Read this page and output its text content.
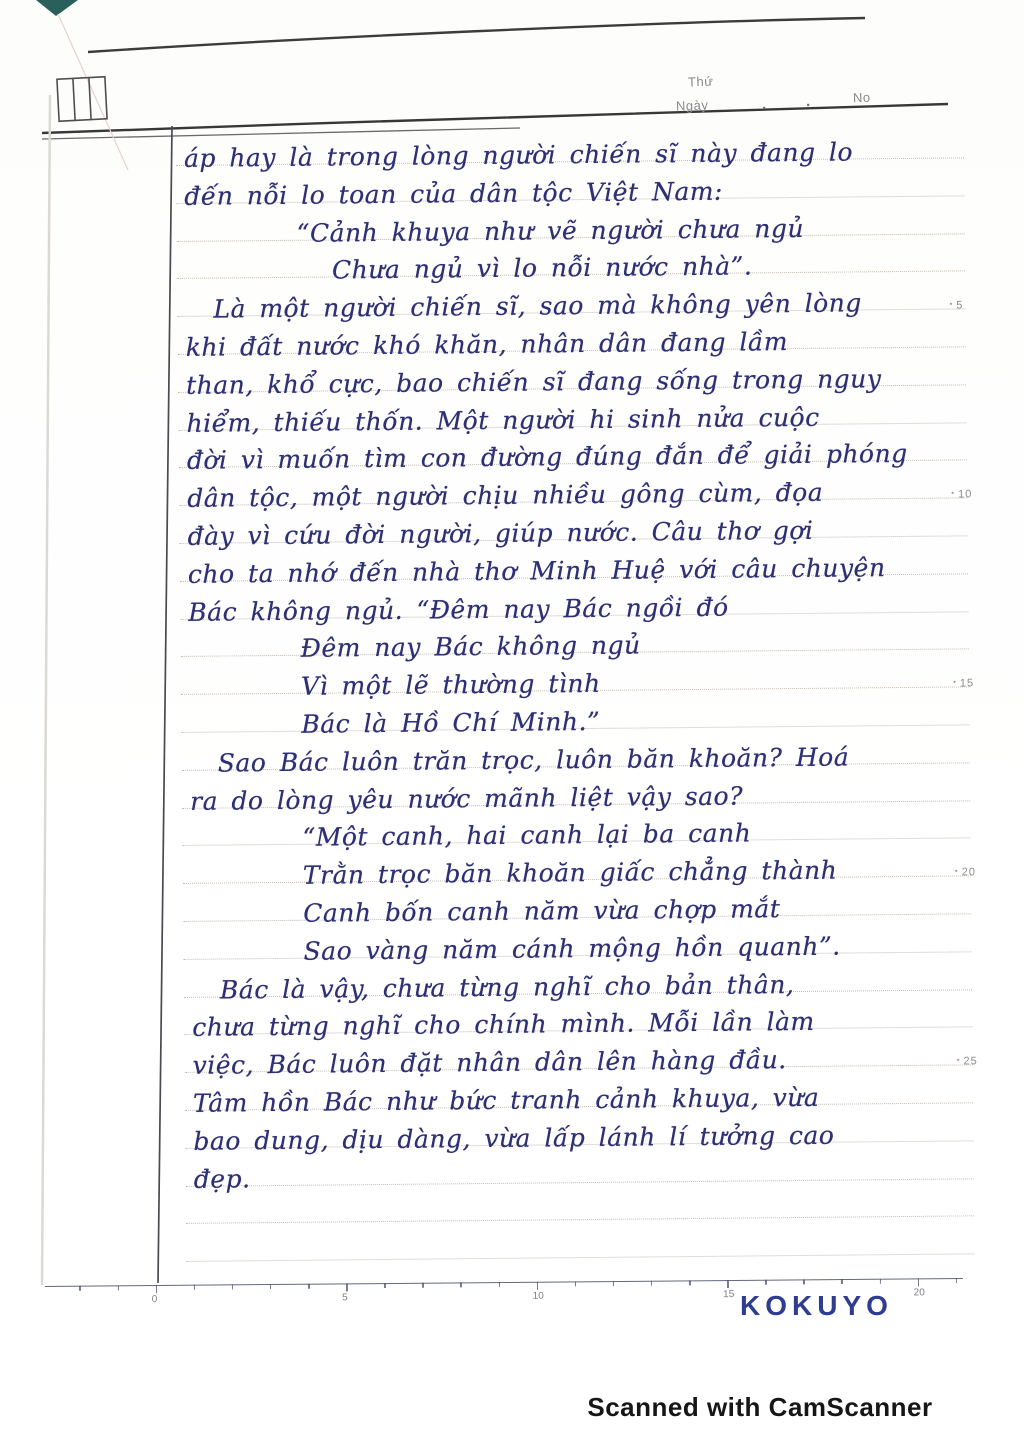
Thứ
Ngày	.	.	No
• 5
• 10
• 15
• 20
• 25
áp hay là trong lòng người chiến sĩ này đang lo
đến nỗi lo toan của dân tộc Việt Nam:
“Cảnh khuya như vẽ người chưa ngủ
Chưa ngủ vì lo nỗi nước nhà”.
Là một người chiến sĩ, sao mà không yên lòng
khi đất nước khó khăn, nhân dân đang lầm
than, khổ cực, bao chiến sĩ đang sống trong nguy
hiểm, thiếu thốn. Một người hi sinh nửa cuộc
đời vì muốn tìm con đường đúng đắn để giải phóng
dân tộc, một người chịu nhiều gông cùm, đọa
đày vì cứu đời người, giúp nước. Câu thơ gợi
cho ta nhớ đến nhà thơ Minh Huệ với câu chuyện
Bác không ngủ. “Đêm nay Bác ngồi đó
Đêm nay Bác không ngủ
Vì một lẽ thường tình
Bác là Hồ Chí Minh.”
Sao Bác luôn trăn trọc, luôn băn khoăn? Hoá
ra do lòng yêu nước mãnh liệt vậy sao?
“Một canh, hai canh lại ba canh
Trằn trọc băn khoăn giấc chẳng thành
Canh bốn canh năm vừa chợp mắt
Sao vàng năm cánh mộng hồn quanh”.
Bác là vậy, chưa từng nghĩ cho bản thân,
chưa từng nghĩ cho chính mình. Mỗi lần làm
việc, Bác luôn đặt nhân dân lên hàng đầu.
Tâm hồn Bác như bức tranh cảnh khuya, vừa
bao dung, dịu dàng, vừa lấp lánh lí tưởng cao
đẹp.
0	5	10	15	20
KOKUYO
Scanned with CamScanner
